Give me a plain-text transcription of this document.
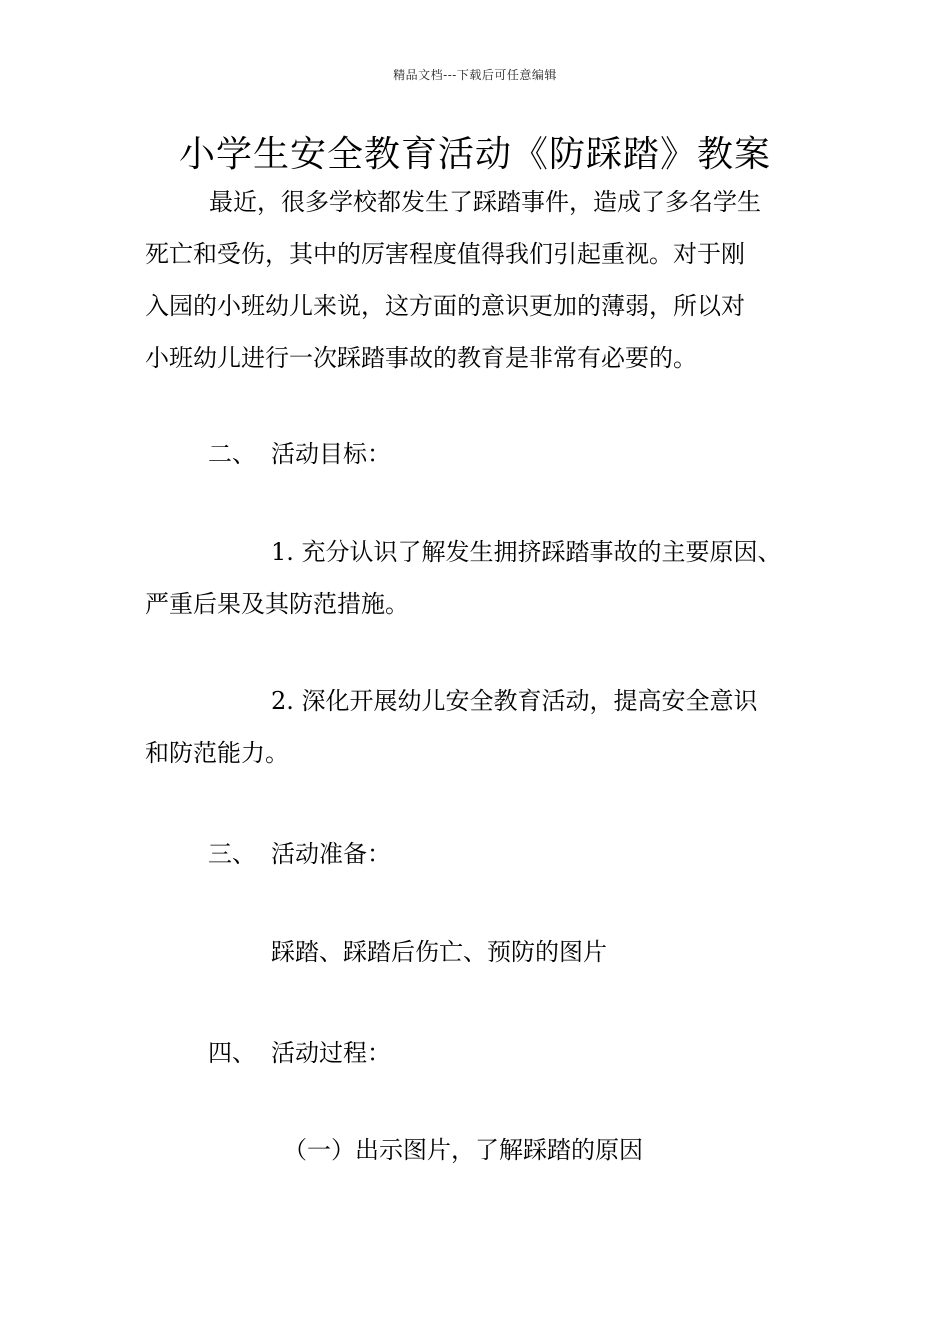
精品文档---下载后可任意编辑
小学生安全教育活动《防踩踏》教案
最近，很多学校都发生了踩踏事件，造成了多名学生
死亡和受伤，其中的厉害程度值得我们引起重视。对于刚
入园的小班幼儿来说，这方面的意识更加的薄弱，所以对
小班幼儿进行一次踩踏事故的教育是非常有必要的。
二、 活动目标：
1. 充分认识了解发生拥挤踩踏事故的主要原因、
严重后果及其防范措施。
2. 深化开展幼儿安全教育活动，提高安全意识
和防范能力。
三、 活动准备：
踩踏、踩踏后伤亡、预防的图片
四、 活动过程：
（一）出示图片，了解踩踏的原因
